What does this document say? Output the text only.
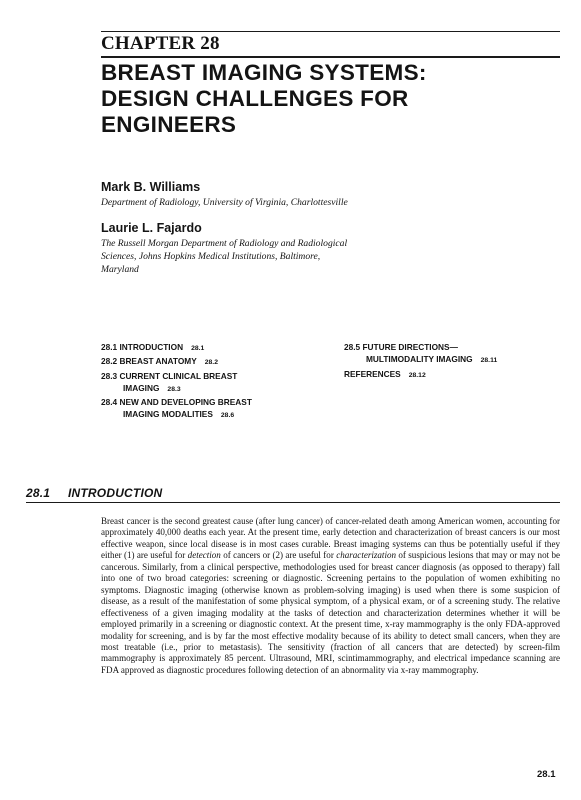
CHAPTER 28
BREAST IMAGING SYSTEMS:
DESIGN CHALLENGES FOR
ENGINEERS
Mark B. Williams
Department of Radiology, University of Virginia, Charlottesville
Laurie L. Fajardo
The Russell Morgan Department of Radiology and Radiological
Sciences, Johns Hopkins Medical Institutions, Baltimore,
Maryland
28.1 INTRODUCTION 28.1
28.2 BREAST ANATOMY 28.2
28.3 CURRENT CLINICAL BREAST
IMAGING 28.3
28.4 NEW AND DEVELOPING BREAST
IMAGING MODALITIES 28.6
28.5 FUTURE DIRECTIONS—
MULTIMODALITY IMAGING 28.11
REFERENCES 28.12
28.1 INTRODUCTION
Breast cancer is the second greatest cause (after lung cancer) of cancer-related death among American women, accounting for approximately 40,000 deaths each year. At the present time, early detection and characterization of breast cancers is our most effective weapon, since local disease is in most cases curable. Breast imaging systems can thus be potentially useful if they either (1) are useful for detection of cancers or (2) are useful for characterization of suspicious lesions that may or may not be cancerous. Similarly, from a clinical perspective, methodologies used for breast cancer diagnosis (as opposed to therapy) fall into one of two broad categories: screening or diagnostic. Screening pertains to the population of women exhibiting no symptoms. Diagnostic imaging (otherwise known as problem-solving imaging) is used when there is some suspicion of disease, as a result of the manifestation of some physical symptom, of a physical exam, or of a screening study. The relative effectiveness of a given imaging modality at the tasks of detection and characterization determines whether it will be employed primarily in a screening or diagnostic context. At the present time, x-ray mammography is the only FDA-approved modality for screening, and is by far the most effective modality because of its ability to detect small cancers, when they are most treatable (i.e., prior to metastasis). The sensitivity (fraction of all cancers that are detected) by screen-film mammography is approximately 85 percent. Ultrasound, MRI, scintimammography, and electrical impedance scanning are FDA approved as diagnostic procedures following detection of an abnormality via x-ray mammography.
28.1
